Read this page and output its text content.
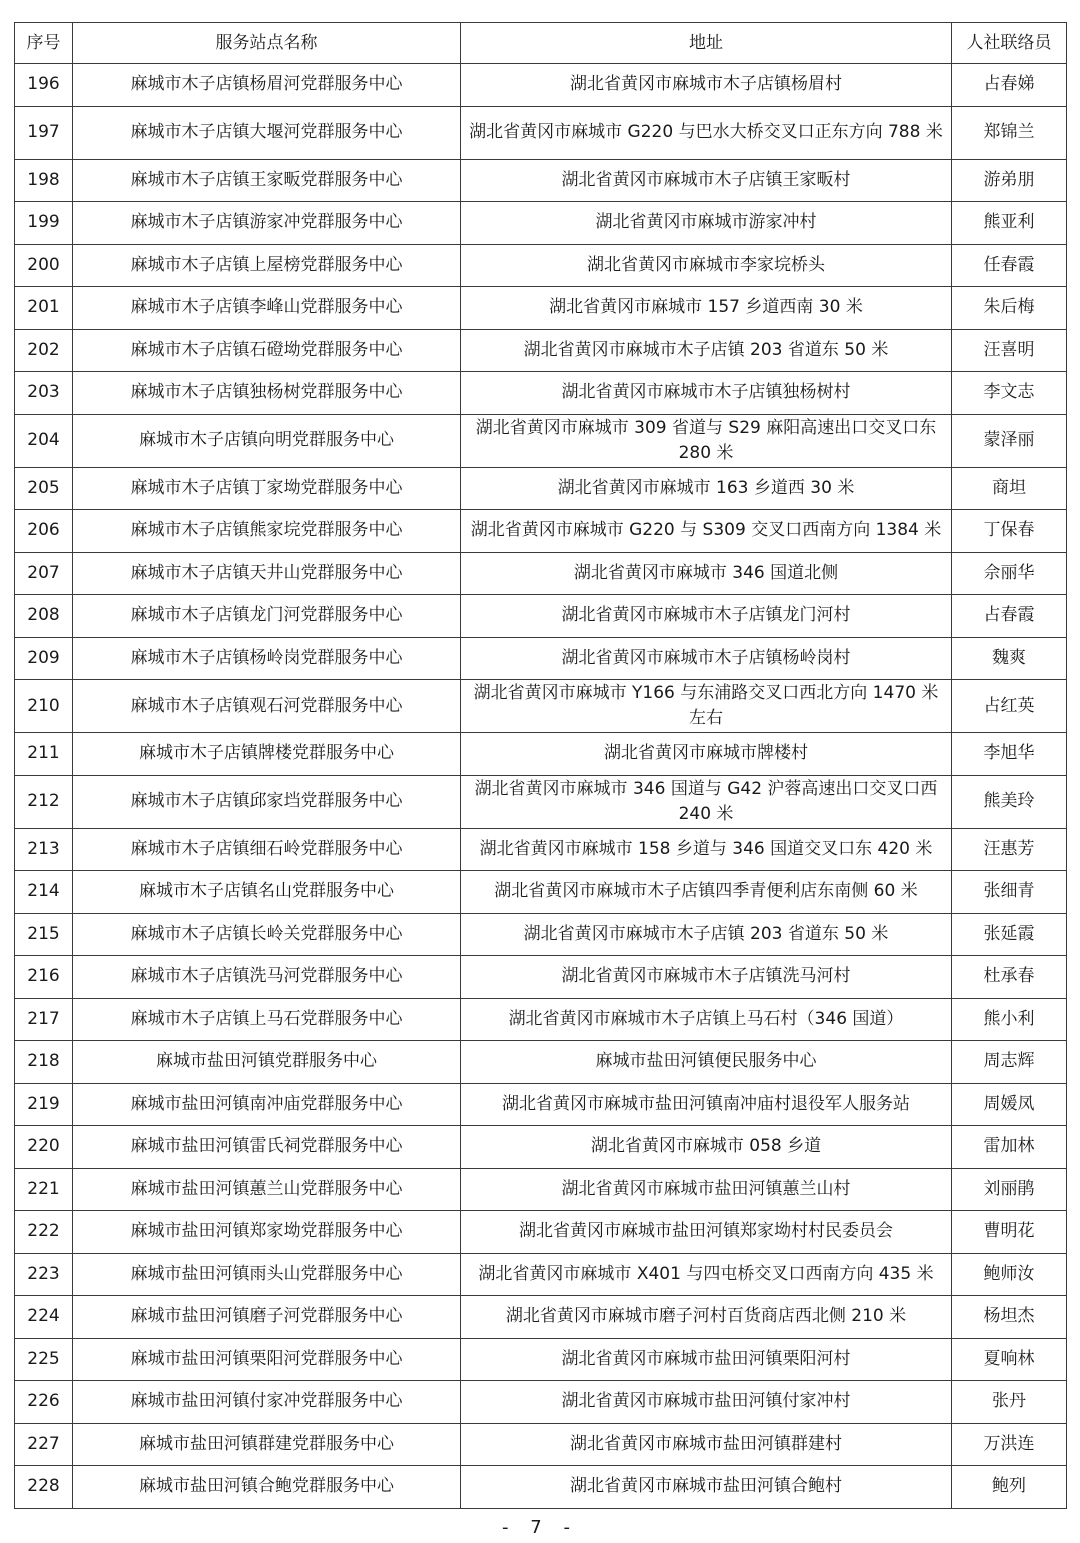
序号	服务站点名称	地址	人社联络员
196	麻城市木子店镇杨眉河党群服务中心	湖北省黄冈市麻城市木子店镇杨眉村	占春娣
197	麻城市木子店镇大堰河党群服务中心	湖北省黄冈市麻城市 G220 与巴水大桥交叉口正东方向 788 米	郑锦兰
198	麻城市木子店镇王家畈党群服务中心	湖北省黄冈市麻城市木子店镇王家畈村	游弟朋
199	麻城市木子店镇游家冲党群服务中心	湖北省黄冈市麻城市游家冲村	熊亚利
200	麻城市木子店镇上屋榜党群服务中心	湖北省黄冈市麻城市李家垸桥头	任春霞
201	麻城市木子店镇李峰山党群服务中心	湖北省黄冈市麻城市 157 乡道西南 30 米	朱后梅
202	麻城市木子店镇石磴坳党群服务中心	湖北省黄冈市麻城市木子店镇 203 省道东 50 米	汪喜明
203	麻城市木子店镇独杨树党群服务中心	湖北省黄冈市麻城市木子店镇独杨树村	李文志
204	麻城市木子店镇向明党群服务中心	湖北省黄冈市麻城市 309 省道与 S29 麻阳高速出口交叉口东 280 米	蒙泽丽
205	麻城市木子店镇丁家坳党群服务中心	湖北省黄冈市麻城市 163 乡道西 30 米	商坦
206	麻城市木子店镇熊家垸党群服务中心	湖北省黄冈市麻城市 G220 与 S309 交叉口西南方向 1384 米	丁保春
207	麻城市木子店镇天井山党群服务中心	湖北省黄冈市麻城市 346 国道北侧	佘丽华
208	麻城市木子店镇龙门河党群服务中心	湖北省黄冈市麻城市木子店镇龙门河村	占春霞
209	麻城市木子店镇杨岭岗党群服务中心	湖北省黄冈市麻城市木子店镇杨岭岗村	魏爽
210	麻城市木子店镇观石河党群服务中心	湖北省黄冈市麻城市 Y166 与东浦路交叉口西北方向 1470 米左右	占红英
211	麻城市木子店镇牌楼党群服务中心	湖北省黄冈市麻城市牌楼村	李旭华
212	麻城市木子店镇邱家垱党群服务中心	湖北省黄冈市麻城市 346 国道与 G42 沪蓉高速出口交叉口西 240 米	熊美玲
213	麻城市木子店镇细石岭党群服务中心	湖北省黄冈市麻城市 158 乡道与 346 国道交叉口东 420 米	汪惠芳
214	麻城市木子店镇名山党群服务中心	湖北省黄冈市麻城市木子店镇四季青便利店东南侧 60 米	张细青
215	麻城市木子店镇长岭关党群服务中心	湖北省黄冈市麻城市木子店镇 203 省道东 50 米	张延霞
216	麻城市木子店镇洗马河党群服务中心	湖北省黄冈市麻城市木子店镇洗马河村	杜承春
217	麻城市木子店镇上马石党群服务中心	湖北省黄冈市麻城市木子店镇上马石村（346 国道）	熊小利
218	麻城市盐田河镇党群服务中心	麻城市盐田河镇便民服务中心	周志辉
219	麻城市盐田河镇南冲庙党群服务中心	湖北省黄冈市麻城市盐田河镇南冲庙村退役军人服务站	周媛凤
220	麻城市盐田河镇雷氏祠党群服务中心	湖北省黄冈市麻城市 058 乡道	雷加林
221	麻城市盐田河镇蕙兰山党群服务中心	湖北省黄冈市麻城市盐田河镇蕙兰山村	刘丽鹃
222	麻城市盐田河镇郑家坳党群服务中心	湖北省黄冈市麻城市盐田河镇郑家坳村村民委员会	曹明花
223	麻城市盐田河镇雨头山党群服务中心	湖北省黄冈市麻城市 X401 与四屯桥交叉口西南方向 435 米	鲍师汝
224	麻城市盐田河镇磨子河党群服务中心	湖北省黄冈市麻城市磨子河村百货商店西北侧 210 米	杨坦杰
225	麻城市盐田河镇栗阳河党群服务中心	湖北省黄冈市麻城市盐田河镇栗阳河村	夏响林
226	麻城市盐田河镇付家冲党群服务中心	湖北省黄冈市麻城市盐田河镇付家冲村	张丹
227	麻城市盐田河镇群建党群服务中心	湖北省黄冈市麻城市盐田河镇群建村	万洪连
228	麻城市盐田河镇合鲍党群服务中心	湖北省黄冈市麻城市盐田河镇合鲍村	鲍列
- 7 -
